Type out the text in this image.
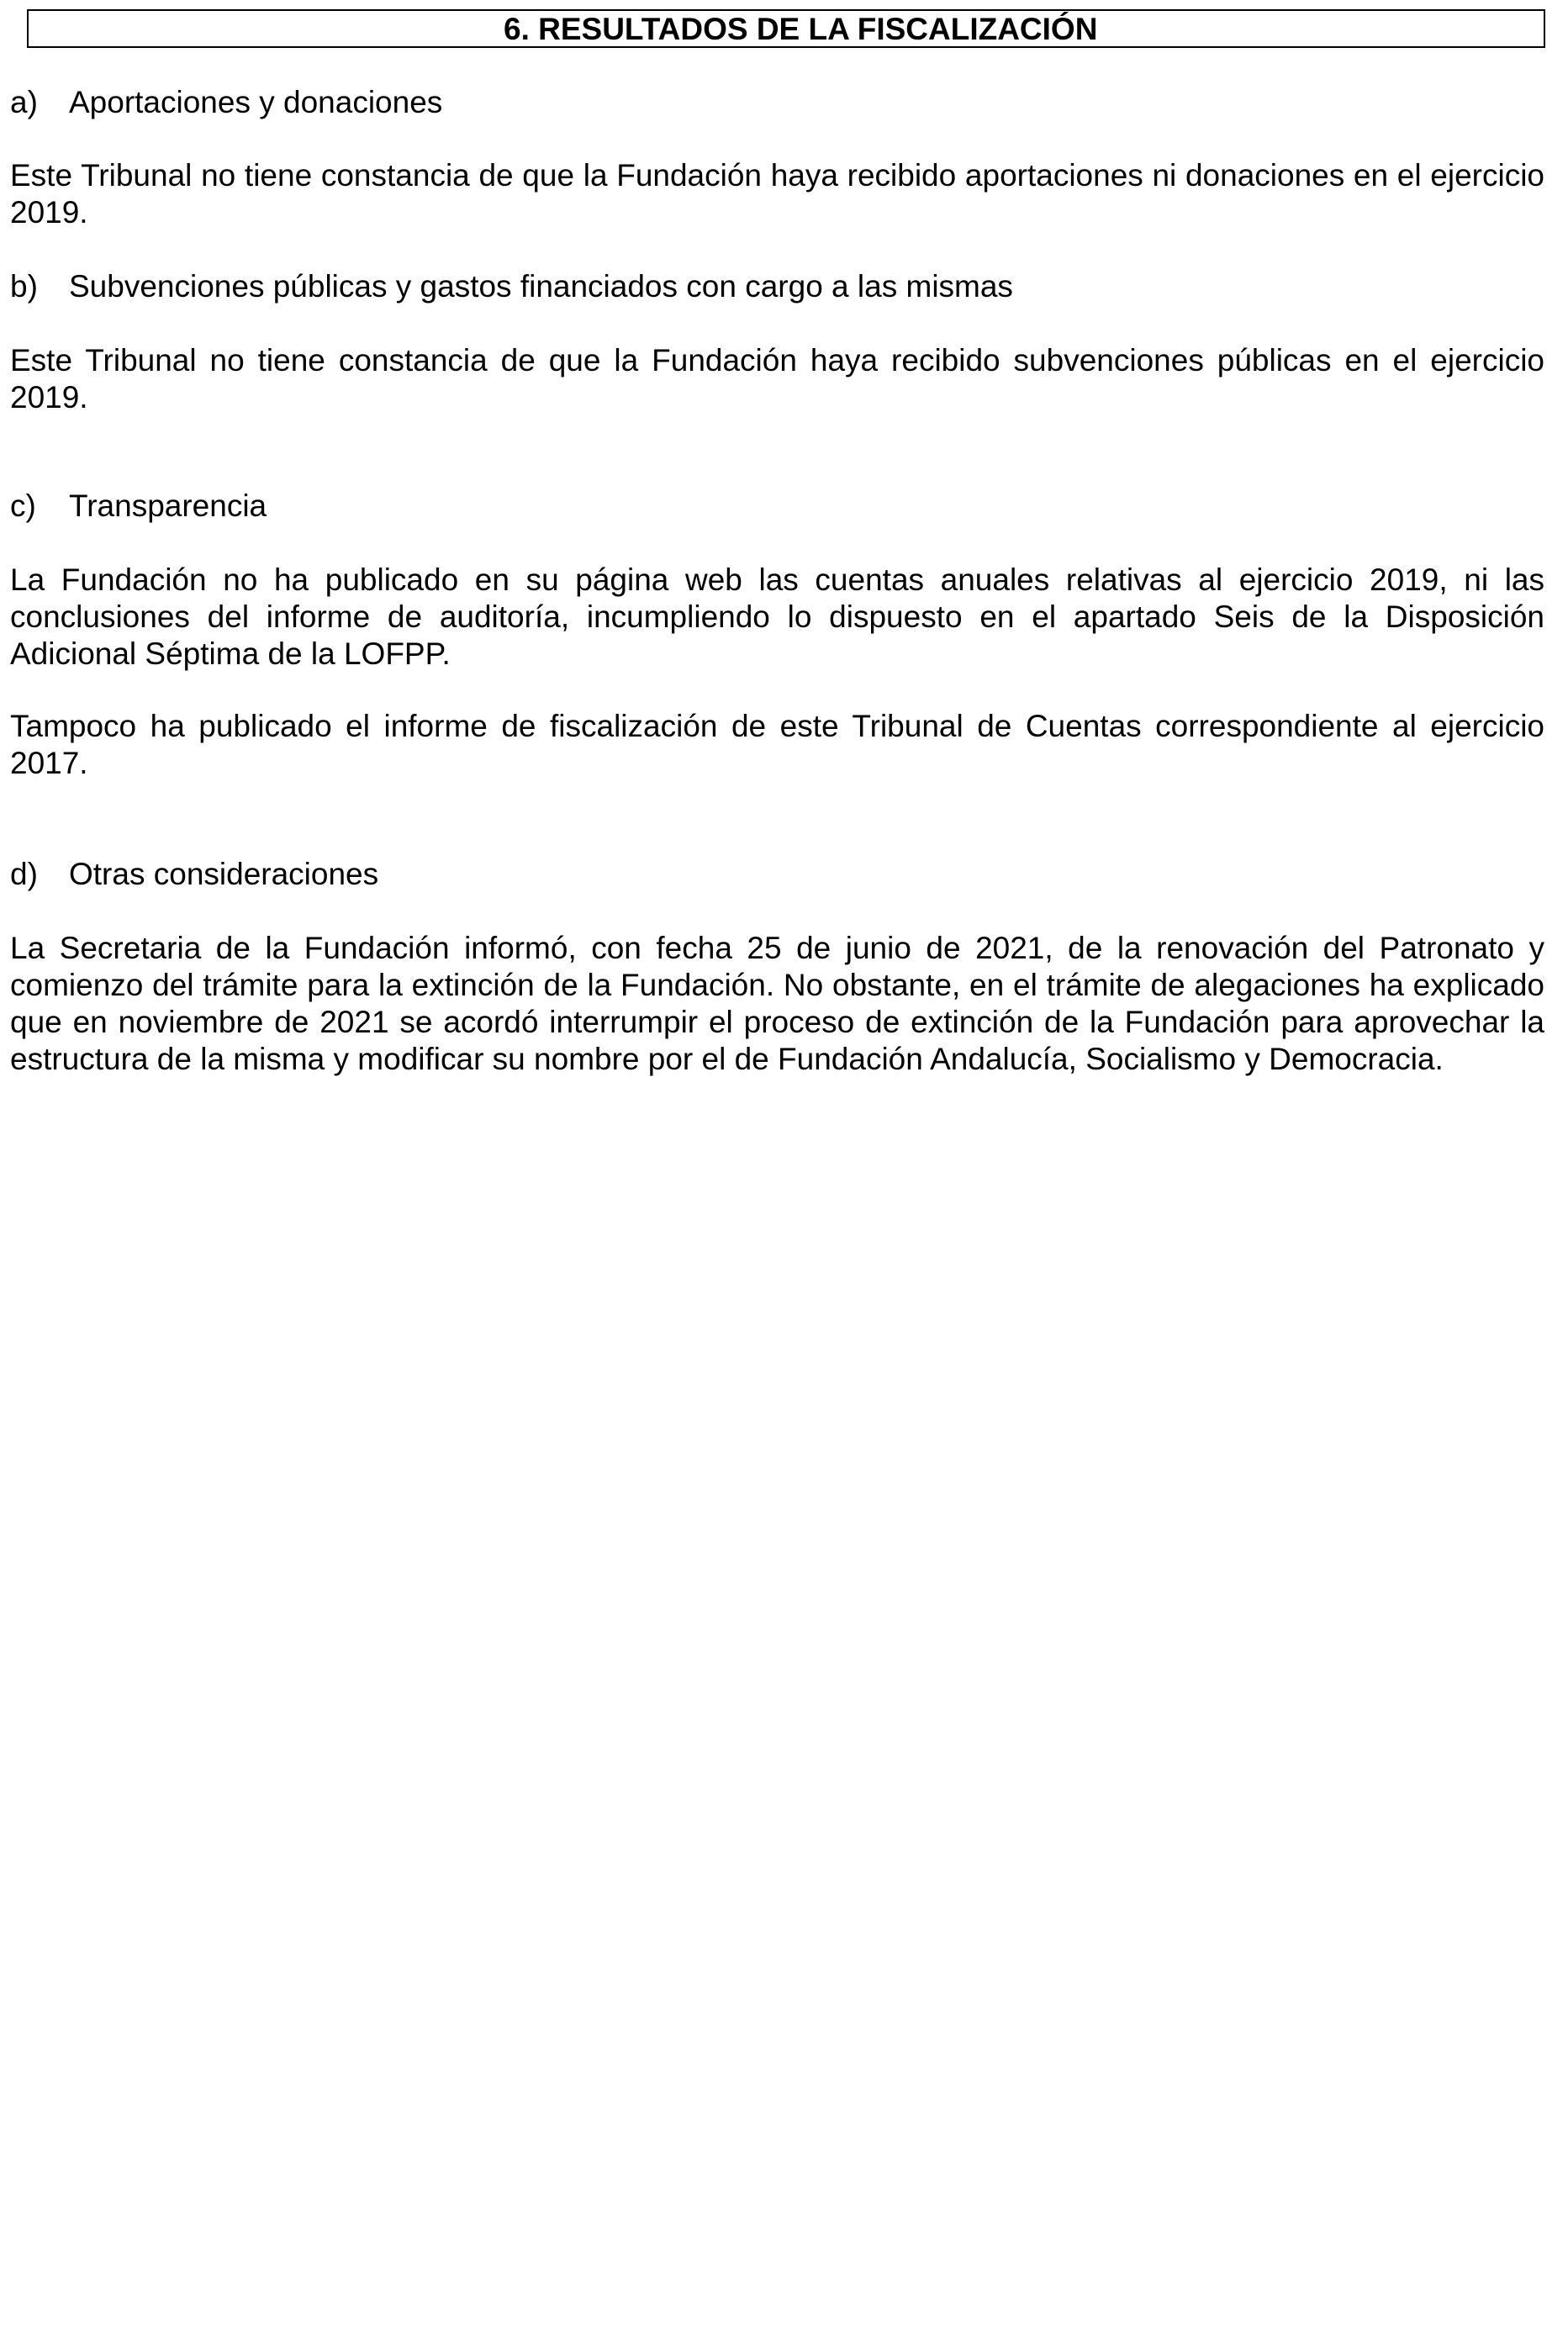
6. RESULTADOS DE LA FISCALIZACIÓN
a) Aportaciones y donaciones
Este Tribunal no tiene constancia de que la Fundación haya recibido aportaciones ni donaciones en el ejercicio 2019.
b) Subvenciones públicas y gastos financiados con cargo a las mismas
Este Tribunal no tiene constancia de que la Fundación haya recibido subvenciones públicas en el ejercicio 2019.
c) Transparencia
La Fundación no ha publicado en su página web las cuentas anuales relativas al ejercicio 2019, ni las conclusiones del informe de auditoría, incumpliendo lo dispuesto en el apartado Seis de la Disposición Adicional Séptima de la LOFPP.
Tampoco ha publicado el informe de fiscalización de este Tribunal de Cuentas correspondiente al ejercicio 2017.
d) Otras consideraciones
La Secretaria de la Fundación informó, con fecha 25 de junio de 2021, de la renovación del Patronato y comienzo del trámite para la extinción de la Fundación. No obstante, en el trámite de alegaciones ha explicado que en noviembre de 2021 se acordó interrumpir el proceso de extinción de la Fundación para aprovechar la estructura de la misma y modificar su nombre por el de Fundación Andalucía, Socialismo y Democracia.
